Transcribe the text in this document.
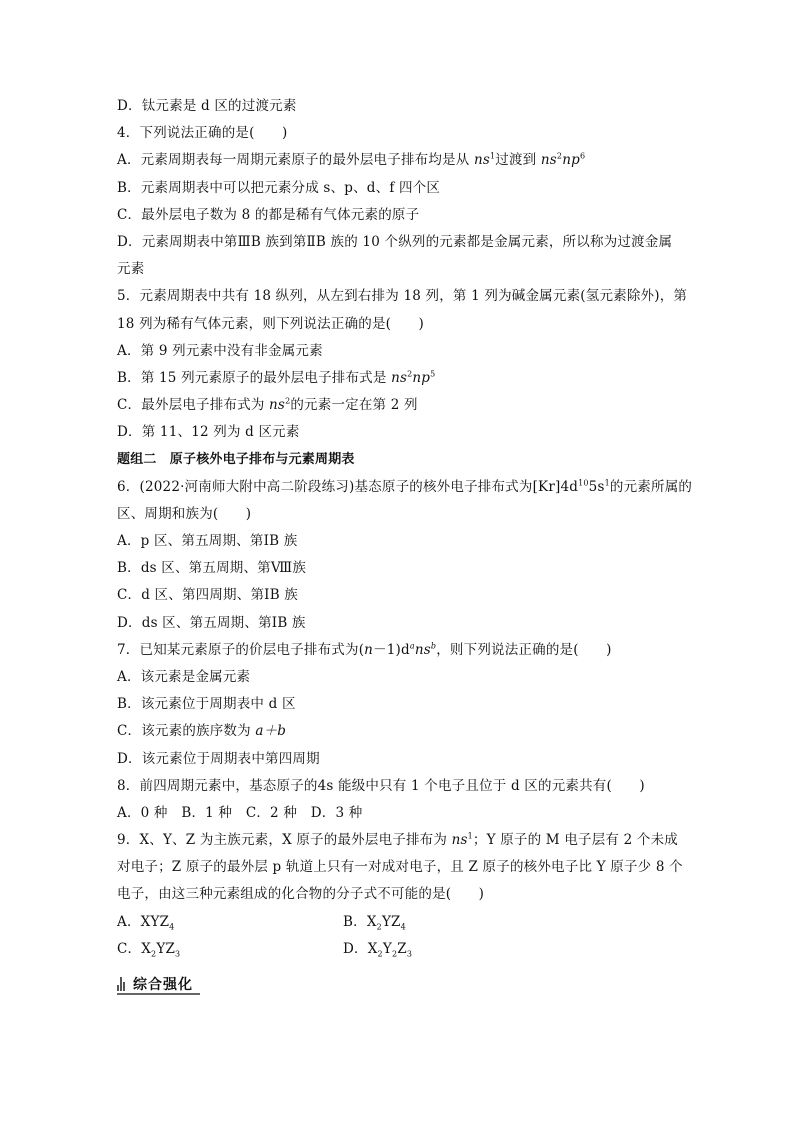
D．钛元素是 d 区的过渡元素
4．下列说法正确的是(　　)
A．元素周期表每一周期元素原子的最外层电子排布均是从 $ns^1$过渡到 $ns^2np^6$
B．元素周期表中可以把元素分成 s、p、d、f 四个区
C．最外层电子数为 8 的都是稀有气体元素的原子
D．元素周期表中第ⅢB 族到第ⅡB 族的 10 个纵列的元素都是金属元素，所以称为过渡金属
元素
5．元素周期表中共有 18 纵列，从左到右排为 18 列，第 1 列为碱金属元素(氢元素除外)，第
18 列为稀有气体元素，则下列说法正确的是(　　)
A．第 9 列元素中没有非金属元素
B．第 15 列元素原子的最外层电子排布式是 $ns^2np^5$
C．最外层电子排布式为 $ns^2$的元素一定在第 2 列
D．第 11、12 列为 d 区元素
题组二　原子核外电子排布与元素周期表
6．(2022·河南师大附中高二阶段练习)基态原子的核外电子排布式为$[Kr]4d^{10}5s^1$的元素所属的
区、周期和族为(　　)
A．p 区、第五周期、第ⅠB 族
B．ds 区、第五周期、第Ⅷ族
C．d 区、第四周期、第ⅠB 族
D．ds 区、第五周期、第ⅠB 族
7．已知某元素原子的价层电子排布式为$(n-1)d^ans^b$，则下列说法正确的是(　　)
A．该元素是金属元素
B．该元素位于周期表中 d 区
C．该元素的族序数为 a＋b
D．该元素位于周期表中第四周期
8．前四周期元素中，基态原子的4s 能级中只有 1 个电子且位于 d 区的元素共有(　　)
A．0 种　B．1 种　C．2 种　D．3 种
9．X、Y、Z 为主族元素，X 原子的最外层电子排布为 $ns^1$；Y 原子的 M 电子层有 2 个未成
对电子；Z 原子的最外层 p 轨道上只有一对成对电子，且 Z 原子的核外电子比 Y 原子少 8 个
电子，由这三种元素组成的化合物的分子式不可能的是(　　)
A．$XYZ_4$	B．$X_2YZ_4$
C．$X_2YZ_3$	D．$X_2Y_2Z_3$
综合强化
